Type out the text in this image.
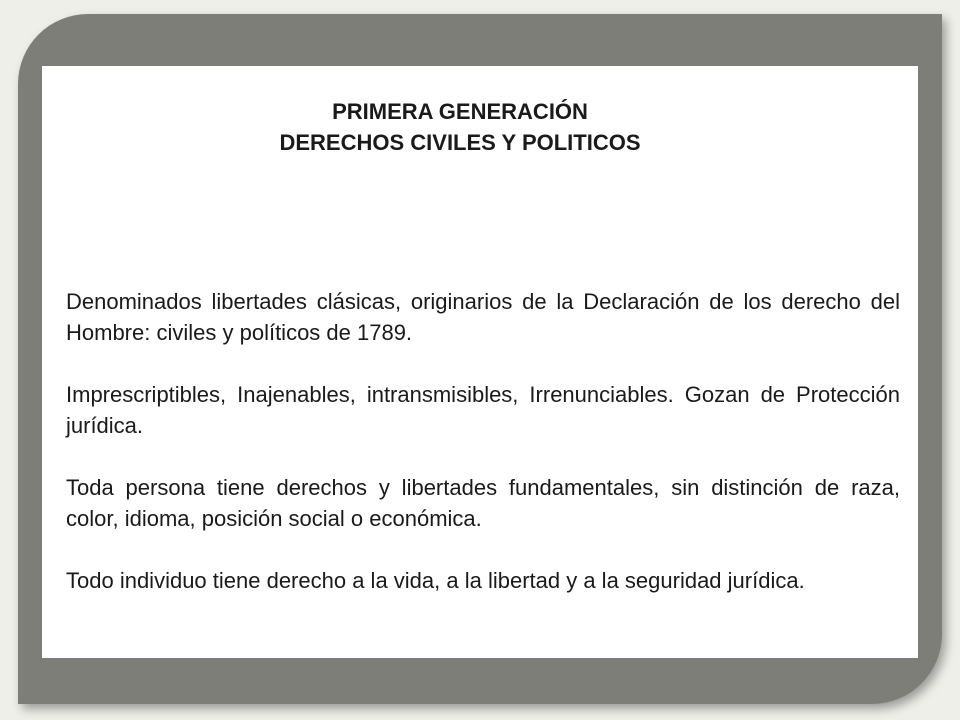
PRIMERA GENERACIÓN
DERECHOS CIVILES Y POLITICOS

Denominados libertades clásicas, originarios de la Declaración de los derecho del Hombre: civiles y políticos de 1789.

Imprescriptibles, Inajenables, intransmisibles, Irrenunciables. Gozan de Protección jurídica.

Toda persona tiene derechos y libertades fundamentales, sin distinción de raza, color, idioma, posición social o económica.

Todo individuo tiene derecho a la vida, a la libertad y a la seguridad jurídica.
